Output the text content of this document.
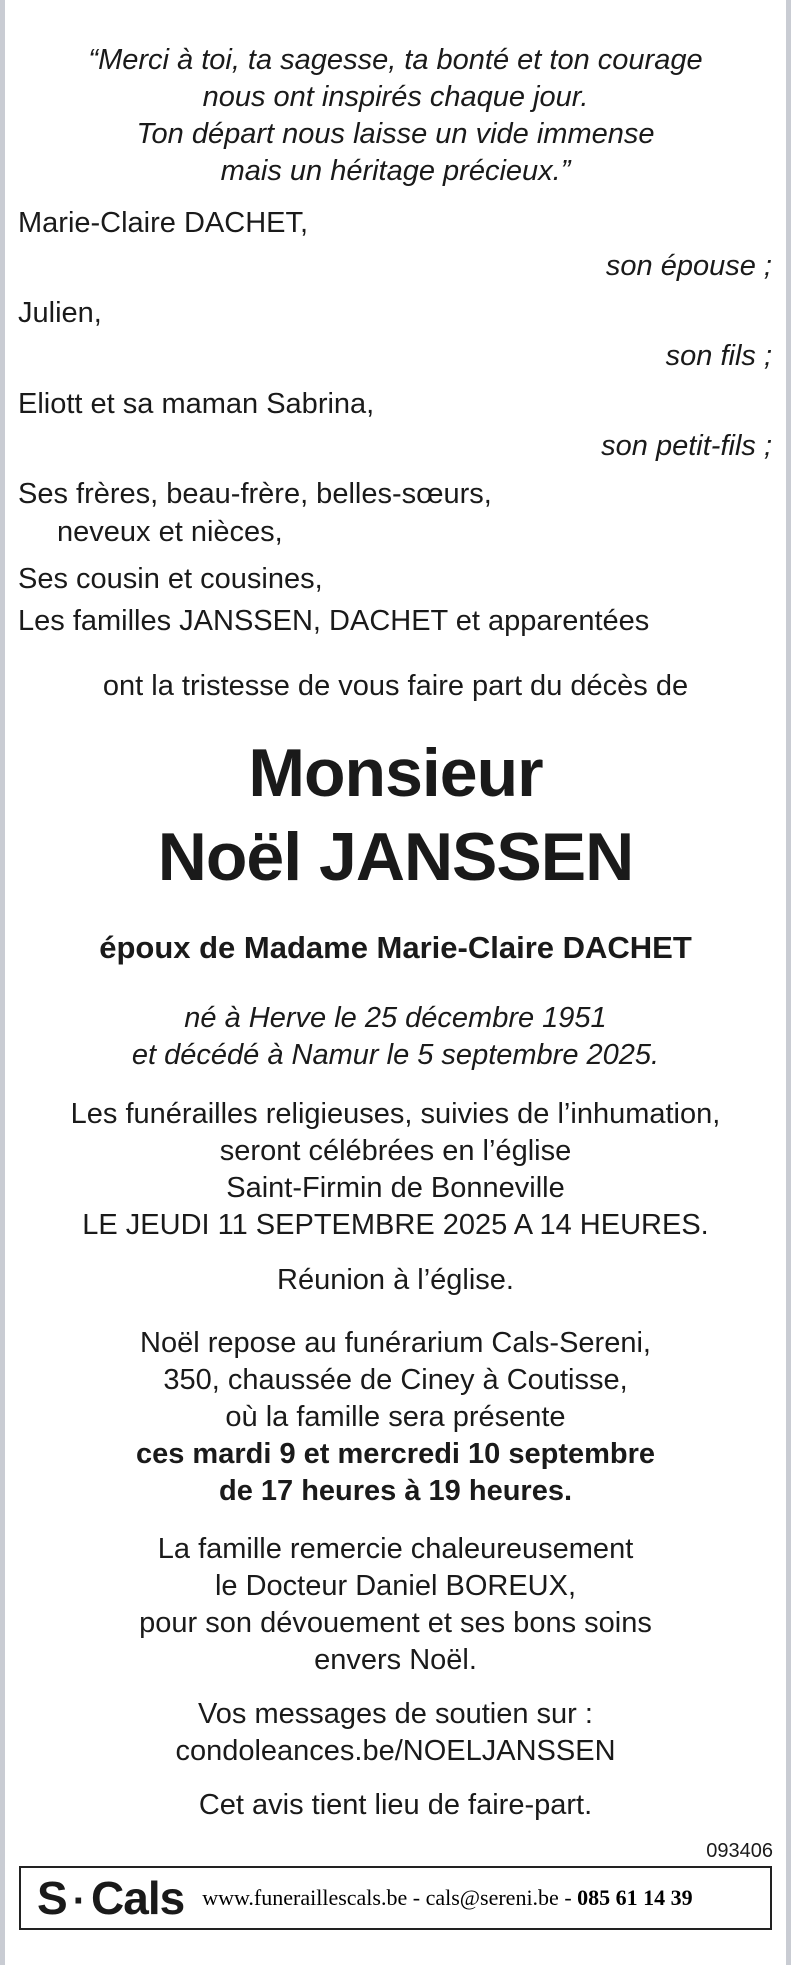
“Merci à toi, ta sagesse, ta bonté et ton courage
nous ont inspirés chaque jour.
Ton départ nous laisse un vide immense
mais un héritage précieux.”
Marie-Claire DACHET,
son épouse ;
Julien,
son fils ;
Eliott et sa maman Sabrina,
son petit-fils ;
Ses frères, beau-frère, belles-sœurs,
neveux et nièces,
Ses cousin et cousines,
Les familles JANSSEN, DACHET et apparentées
ont la tristesse de vous faire part du décès de
Monsieur
Noël JANSSEN
époux de Madame Marie-Claire DACHET
né à Herve le 25 décembre 1951
et décédé à Namur le 5 septembre 2025.
Les funérailles religieuses, suivies de l’inhumation,
seront célébrées en l’église
Saint-Firmin de Bonneville
LE JEUDI 11 SEPTEMBRE 2025 A 14 HEURES.
Réunion à l’église.
Noël repose au funérarium Cals-Sereni,
350, chaussée de Ciney à Coutisse,
où la famille sera présente
ces mardi 9 et mercredi 10 septembre
de 17 heures à 19 heures.
La famille remercie chaleureusement
le Docteur Daniel BOREUX,
pour son dévouement et ses bons soins
envers Noël.
Vos messages de soutien sur :
condoleances.be/NOELJANSSEN
Cet avis tient lieu de faire-part.
093406
S · Cals www.funeraillescals.be - cals@sereni.be - 085 61 14 39
